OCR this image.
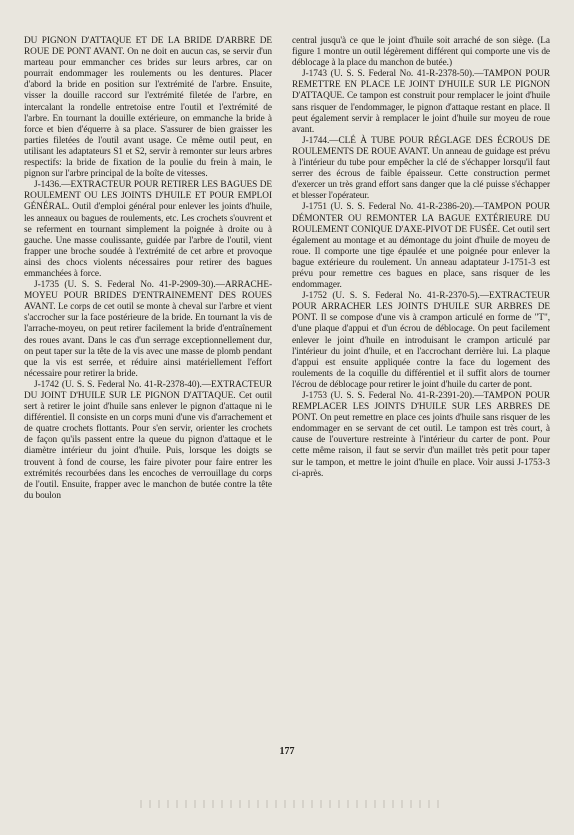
DU PIGNON D'ATTAQUE ET DE LA BRIDE D'ARBRE DE ROUE DE PONT AVANT. On ne doit en aucun cas, se servir d'un marteau pour emmancher ces brides sur leurs arbres, car on pourrait endommager les roulements ou les dentures. Placer d'abord la bride en position sur l'extrémité de l'arbre. Ensuite, visser la douille raccord sur l'extrémité filetée de l'arbre, en intercalant la rondelle entretoise entre l'outil et l'extrémité de l'arbre. En tournant la douille extérieure, on emmanche la bride à force et bien d'équerre à sa place. S'assurer de bien graisser les parties filetées de l'outil avant usage. Ce même outil peut, en utilisant les adaptateurs S1 et S2, servir à remonter sur leurs arbres respectifs: la bride de fixation de la poulie du frein à main, le pignon sur l'arbre principal de la boîte de vitesses.

J-1436.—EXTRACTEUR POUR RETIRER LES BAGUES DE ROULEMENT OU LES JOINTS D'HUILE ET POUR EMPLOI GÉNÉRAL. Outil d'emploi général pour enlever les joints d'huile, les anneaux ou bagues de roulements, etc. Les crochets s'ouvrent et se referment en tournant simplement la poignée à droite ou à gauche. Une masse coulissante, guidée par l'arbre de l'outil, vient frapper une broche soudée à l'extrémité de cet arbre et provoque ainsi des chocs violents nécessaires pour retirer des bagues emmanchées à force.

J-1735 (U. S. S. Federal No. 41-P-2909-30).—ARRACHE-MOYEU POUR BRIDES D'ENTRAINEMENT DES ROUES AVANT. Le corps de cet outil se monte à cheval sur l'arbre et vient s'accrocher sur la face postérieure de la bride. En tournant la vis de l'arrache-moyeu, on peut retirer facilement la bride d'entraînement des roues avant. Dans le cas d'un serrage exceptionnellement dur, on peut taper sur la tête de la vis avec une masse de plomb pendant que la vis est serrée, et réduire ainsi matériellement l'effort nécessaire pour retirer la bride.

J-1742 (U. S. S. Federal No. 41-R-2378-40).—EXTRACTEUR DU JOINT D'HUILE SUR LE PIGNON D'ATTAQUE. Cet outil sert à retirer le joint d'huile sans enlever le pignon d'attaque ni le différentiel. Il consiste en un corps muni d'une vis d'arrachement et de quatre crochets flottants. Pour s'en servir, orienter les crochets de façon qu'ils passent entre la queue du pignon d'attaque et le diamètre intérieur du joint d'huile. Puis, lorsque les doigts se trouvent à fond de course, les faire pivoter pour faire entrer les extrémités recourbées dans les encoches de verrouillage du corps de l'outil. Ensuite, frapper avec le manchon de butée contre la tête du boulon

central jusqu'à ce que le joint d'huile soit arraché de son siège. (La figure 1 montre un outil légèrement différent qui comporte une vis de déblocage à la place du manchon de butée.)

J-1743 (U. S. S. Federal No. 41-R-2378-50).—TAMPON POUR REMETTRE EN PLACE LE JOINT D'HUILE SUR LE PIGNON D'ATTAQUE. Ce tampon est construit pour remplacer le joint d'huile sans risquer de l'endommager, le pignon d'attaque restant en place. Il peut également servir à remplacer le joint d'huile sur moyeu de roue avant.

J-1744.—CLÉ À TUBE POUR RÉGLAGE DES ÉCROUS DE ROULEMENTS DE ROUE AVANT. Un anneau de guidage est prévu à l'intérieur du tube pour empêcher la clé de s'échapper lorsqu'il faut serrer des écrous de faible épaisseur. Cette construction permet d'exercer un très grand effort sans danger que la clé puisse s'échapper et blesser l'opérateur.

J-1751 (U. S. S. Federal No. 41-R-2386-20).—TAMPON POUR DÉMONTER OU REMONTER LA BAGUE EXTÉRIEURE DU ROULEMENT CONIQUE D'AXE-PIVOT DE FUSÉE. Cet outil sert également au montage et au démontage du joint d'huile de moyeu de roue. Il comporte une tige épaulée et une poignée pour enlever la bague extérieure du roulement. Un anneau adaptateur J-1751-3 est prévu pour remettre ces bagues en place, sans risquer de les endommager.

J-1752 (U. S. S. Federal No. 41-R-2370-5).—EXTRACTEUR POUR ARRACHER LES JOINTS D'HUILE SUR ARBRES DE PONT. Il se compose d'une vis à crampon articulé en forme de "T", d'une plaque d'appui et d'un écrou de déblocage. On peut facilement enlever le joint d'huile en introduisant le crampon articulé par l'intérieur du joint d'huile, et en l'accrochant derrière lui. La plaque d'appui est ensuite appliquée contre la face du logement des roulements de la coquille du différentiel et il suffit alors de tourner l'écrou de déblocage pour retirer le joint d'huile du carter de pont.

J-1753 (U. S. S. Federal No. 41-R-2391-20).—TAMPON POUR REMPLACER LES JOINTS D'HUILE SUR LES ARBRES DE PONT. On peut remettre en place ces joints d'huile sans risquer de les endommager en se servant de cet outil. Le tampon est très court, à cause de l'ouverture restreinte à l'intérieur du carter de pont. Pour cette même raison, il faut se servir d'un maillet très petit pour taper sur le tampon, et mettre le joint d'huile en place. Voir aussi J-1753-3 ci-après.

177
